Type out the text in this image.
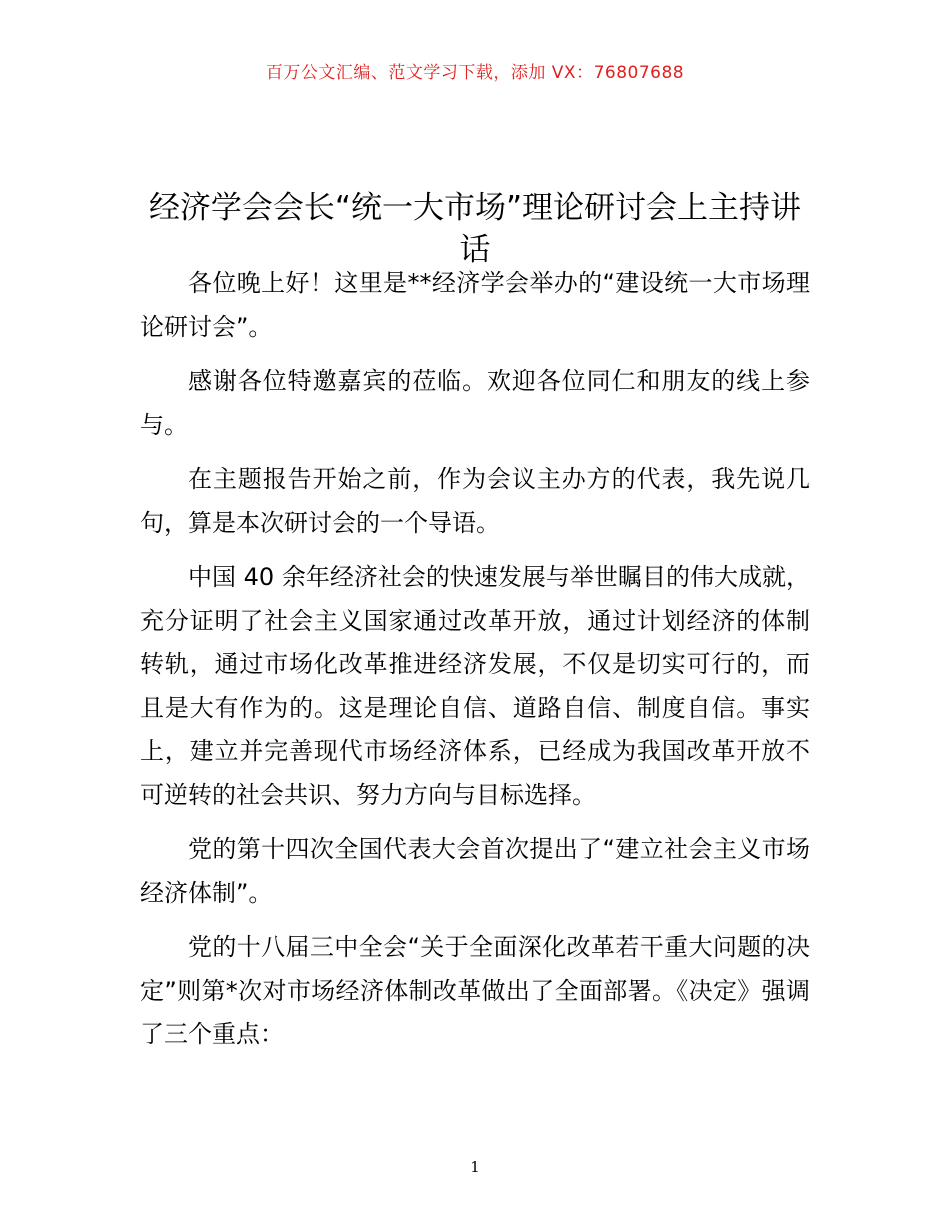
百万公文汇编、范文学习下载，添加 VX：76807688
经济学会会长“统一大市场”理论研讨会上主持讲话

各位晚上好！这里是**经济学会举办的“建设统一大市场理论研讨会”。

感谢各位特邀嘉宾的莅临。欢迎各位同仁和朋友的线上参与。

在主题报告开始之前，作为会议主办方的代表，我先说几句，算是本次研讨会的一个导语。

中国 40 余年经济社会的快速发展与举世瞩目的伟大成就，充分证明了社会主义国家通过改革开放，通过计划经济的体制转轨，通过市场化改革推进经济发展，不仅是切实可行的，而且是大有作为的。这是理论自信、道路自信、制度自信。事实上，建立并完善现代市场经济体系，已经成为我国改革开放不可逆转的社会共识、努力方向与目标选择。

党的第十四次全国代表大会首次提出了“建立社会主义市场经济体制”。

党的十八届三中全会“关于全面深化改革若干重大问题的决定”则第*次对市场经济体制改革做出了全面部署。《决定》强调了三个重点：

1
